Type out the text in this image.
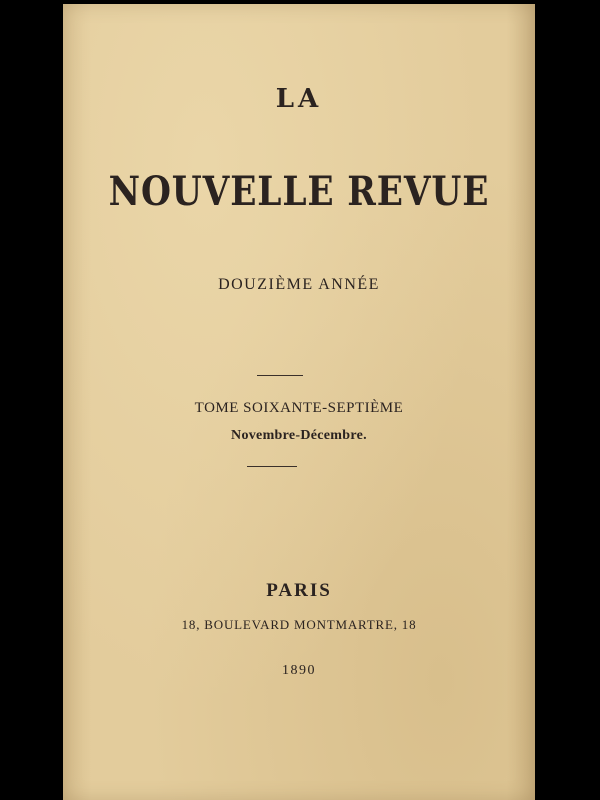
LA
NOUVELLE REVUE
DOUZIÈME ANNÉE
TOME SOIXANTE-SEPTIÈME
Novembre-Décembre.
PARIS
18, BOULEVARD MONTMARTRE, 18
1890
